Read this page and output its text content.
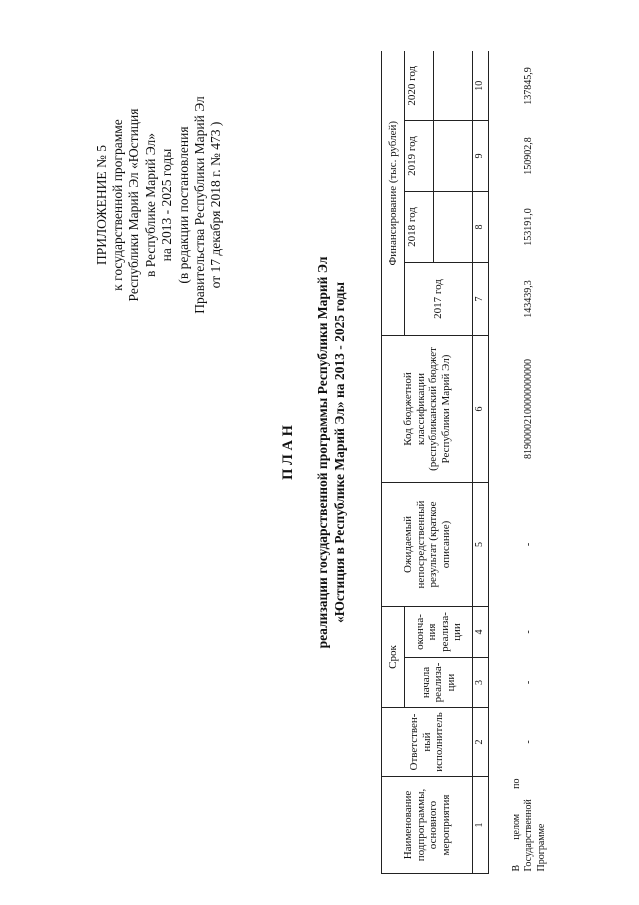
ПРИЛОЖЕНИЕ № 5 к государственной программе Республики Марий Эл «Юстиция в Республике Марий Эл» на 2013 - 2025 годы (в редакции постановления Правительства Республики Марий Эл от 17 декабря 2018 г. № 473 )
П Л А Н реализации государственной программы Республики Марий Эл «Юстиция в Республике Марий Эл» на 2013 - 2025 годы
Наименование подпрограммы, основного мероприятия	Ответствен-ный исполнитель	Срок		Ожидаемый непосредственный результат (краткое описание)	Код бюджетной классификации (республиканский бюджет Республики Марий Эл)	Финансирование (тыс. рублей)			
		начала реализа-ции	оконча-ния реализа-ции			2017 год	2018 год	2019 год	2020 год

1	2	3	4	5	6	7	8	9	10
В целом по Государственной Программе	-	-	-	-	81900002100000000000	143439,3	153191,0	150902,8	137845,9
